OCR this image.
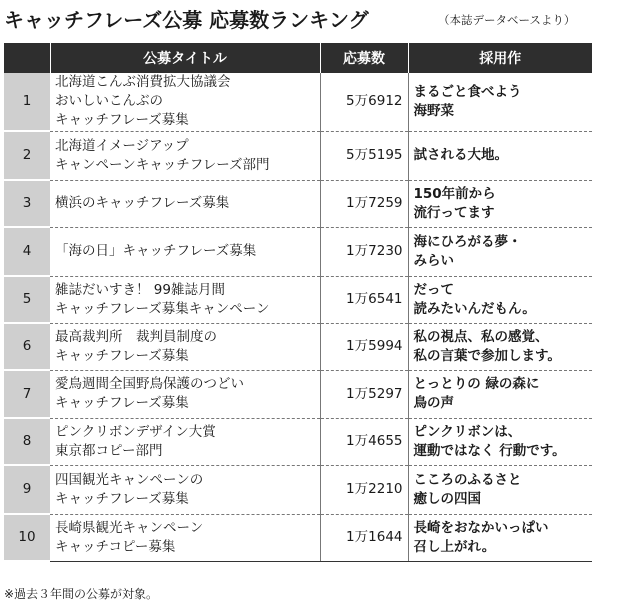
キャッチフレーズ公募 応募数ランキング	（本誌データベースより）
	公募タイトル	応募数	採用作
1	北海道こんぶ消費拡大協議会
おいしいこんぶの
キャッチフレーズ募集	5万6912	まるごと食べよう
海野菜
2	北海道イメージアップ
キャンペーンキャッチフレーズ部門	5万5195	試される大地。
3	横浜のキャッチフレーズ募集	1万7259	150年前から
流行ってます
4	「海の日」キャッチフレーズ募集	1万7230	海にひろがる夢・
みらい
5	雑誌だいすき！ 99雑誌月間
キャッチフレーズ募集キャンペーン	1万6541	だって
読みたいんだもん。
6	最高裁判所　裁判員制度の
キャッチフレーズ募集	1万5994	私の視点、私の感覚、
私の言葉で参加します。
7	愛鳥週間全国野鳥保護のつどい
キャッチフレーズ募集	1万5297	とっとりの 緑の森に
鳥の声
8	ピンクリボンデザイン大賞
東京都コピー部門	1万4655	ピンクリボンは、
運動ではなく 行動です。
9	四国観光キャンペーンの
キャッチフレーズ募集	1万2210	こころのふるさと
癒しの四国
10	長崎県観光キャンペーン
キャッチコピー募集	1万1644	長崎をおなかいっぱい
召し上がれ。
※過去３年間の公募が対象。
